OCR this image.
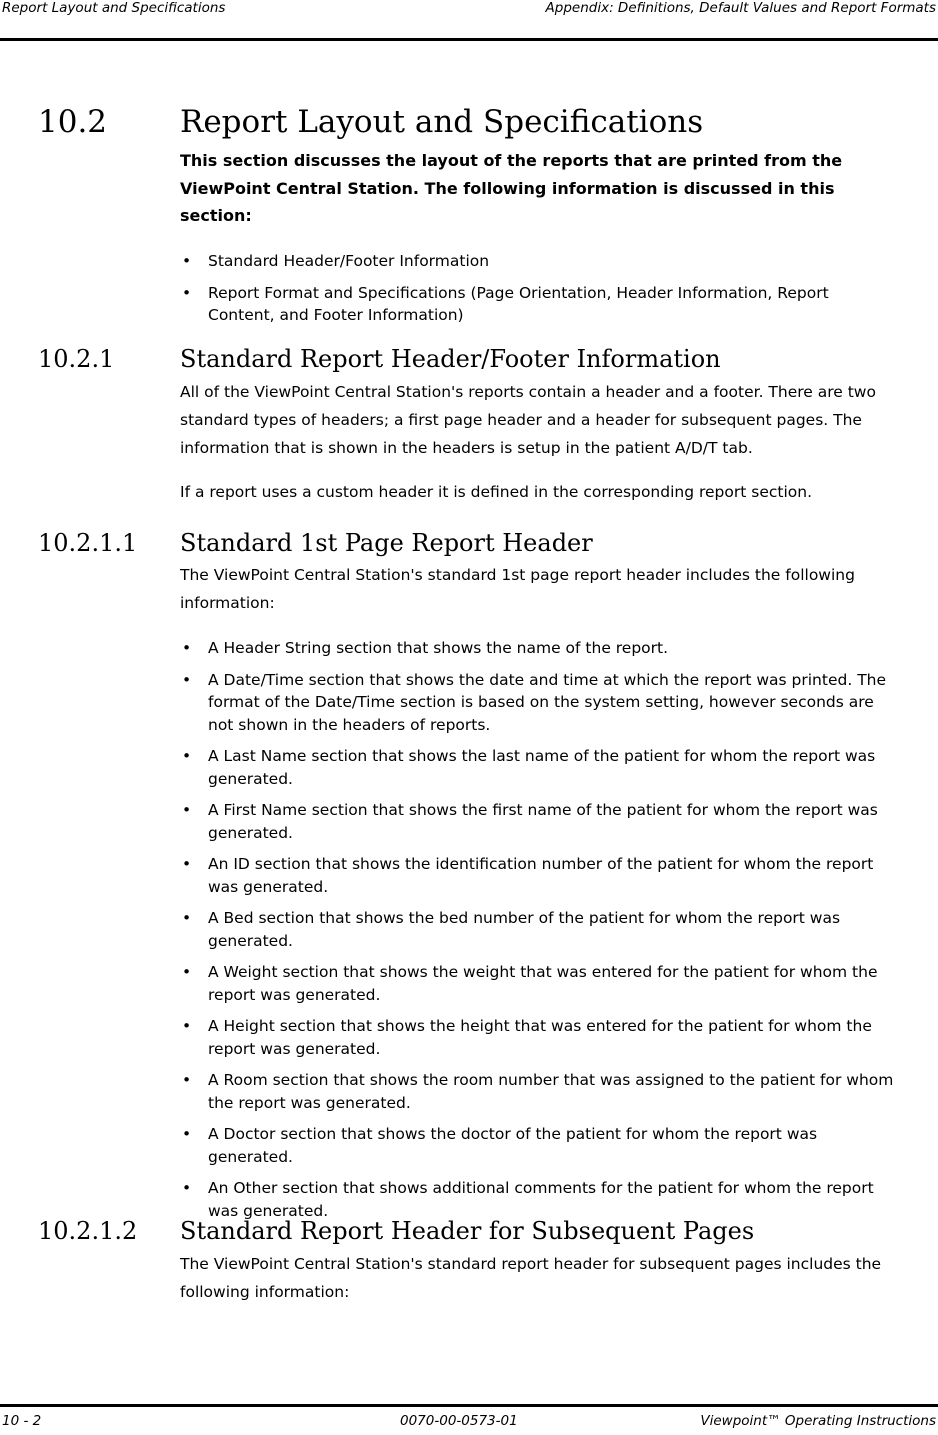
Report Layout and Specifications	Appendix: Definitions, Default Values and Report Formats
10.2 Report Layout and Specifications
This section discusses the layout of the reports that are printed from the ViewPoint Central Station. The following information is discussed in this section:
• Standard Header/Footer Information
• Report Format and Specifications (Page Orientation, Header Information, Report Content, and Footer Information)
10.2.1	Standard Report Header/Footer Information
All of the ViewPoint Central Station's reports contain a header and a footer. There are two standard types of headers; a first page header and a header for subsequent pages. The information that is shown in the headers is setup in the patient A/D/T tab.
If a report uses a custom header it is defined in the corresponding report section.
10.2.1.1 Standard 1st Page Report Header
The ViewPoint Central Station's standard 1st page report header includes the following information:
• A Header String section that shows the name of the report.
• A Date/Time section that shows the date and time at which the report was printed. The format of the Date/Time section is based on the system setting, however seconds are not shown in the headers of reports.
• A Last Name section that shows the last name of the patient for whom the report was generated.
• A First Name section that shows the first name of the patient for whom the report was generated.
• An ID section that shows the identification number of the patient for whom the report was generated.
• A Bed section that shows the bed number of the patient for whom the report was generated.
• A Weight section that shows the weight that was entered for the patient for whom the report was generated.
• A Height section that shows the height that was entered for the patient for whom the report was generated.
• A Room section that shows the room number that was assigned to the patient for whom the report was generated.
• A Doctor section that shows the doctor of the patient for whom the report was generated.
• An Other section that shows additional comments for the patient for whom the report was generated.
10.2.1.2 Standard Report Header for Subsequent Pages
The ViewPoint Central Station's standard report header for subsequent pages includes the following information:
10 - 2	0070-00-0573-01	Viewpoint™ Operating Instructions
